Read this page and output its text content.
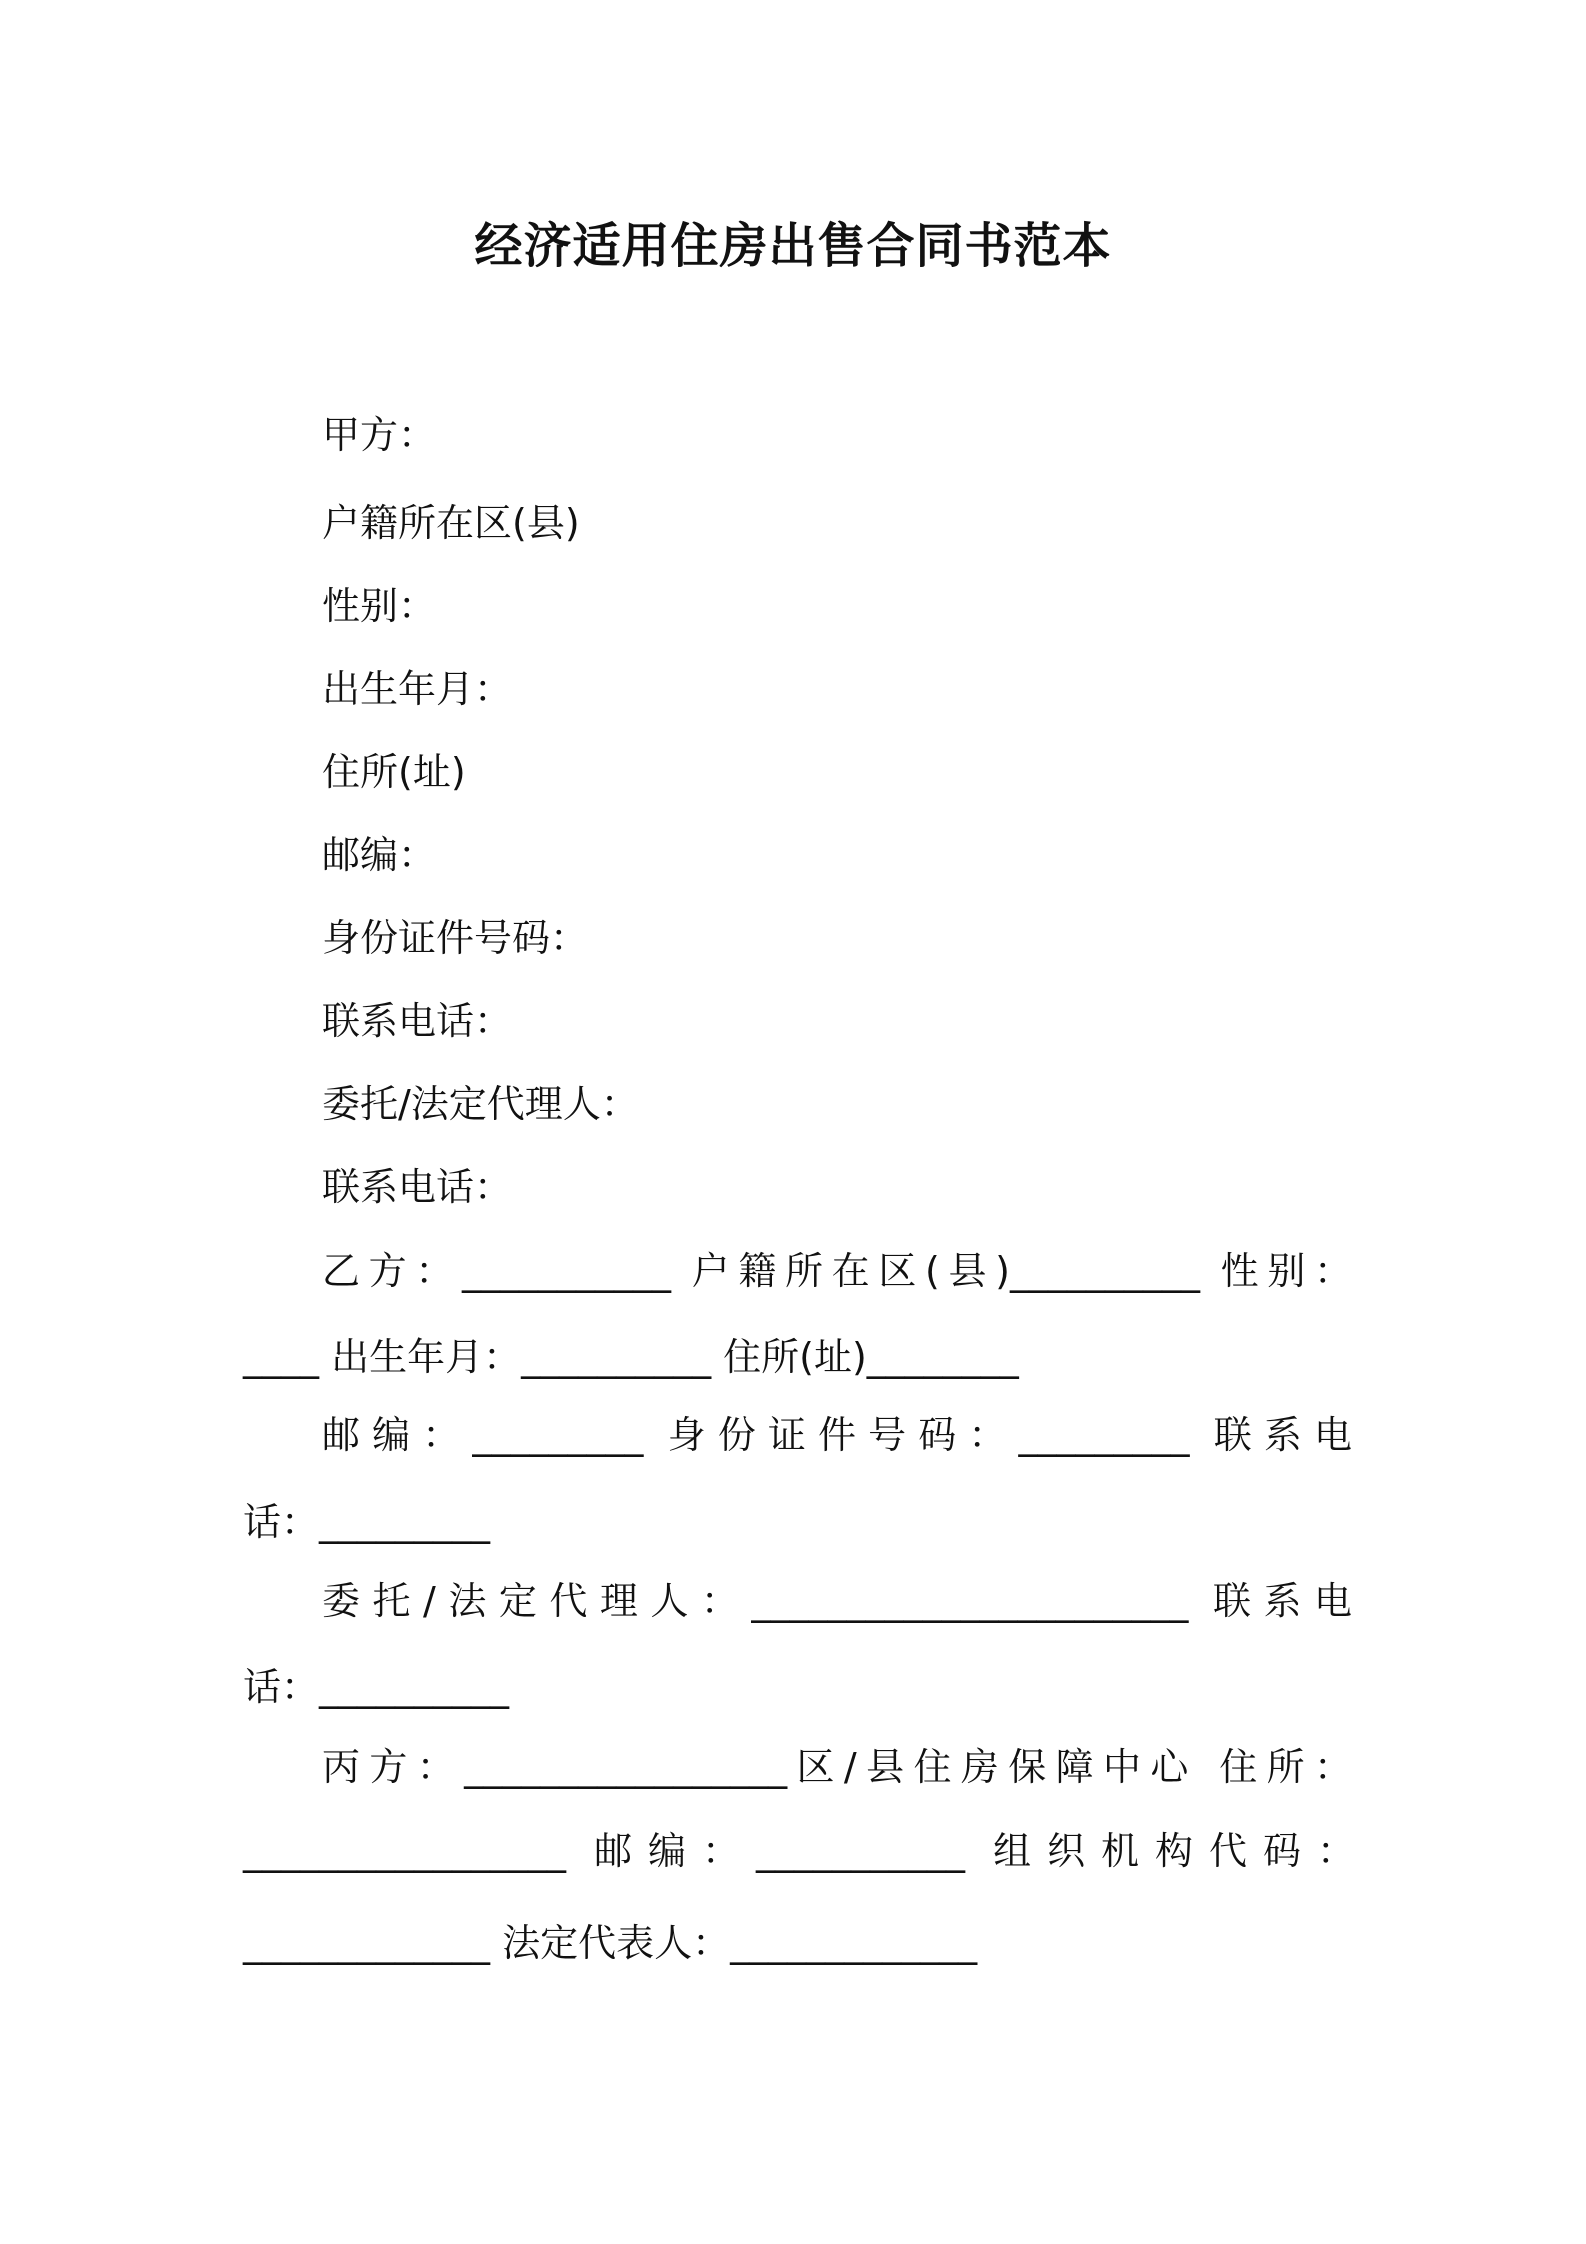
经济适用住房出售合同书范本

甲方：

户籍所在区(县)

性别：

出生年月：

住所(址)

邮编：

身份证件号码：

联系电话：

委托/法定代理人：

联系电话：

乙方：___________ 户籍所在区(县)__________ 性别：

____ 出生年月：__________ 住所(址)________

邮编：_________ 身份证件号码：_________ 联系电

话：_________

委托/法定代理人：_______________________ 联系电

话：__________

丙方：_________________区/县住房保障中心 住所：

_________________ 邮编：___________ 组织机构代码：

_____________ 法定代表人：_____________
